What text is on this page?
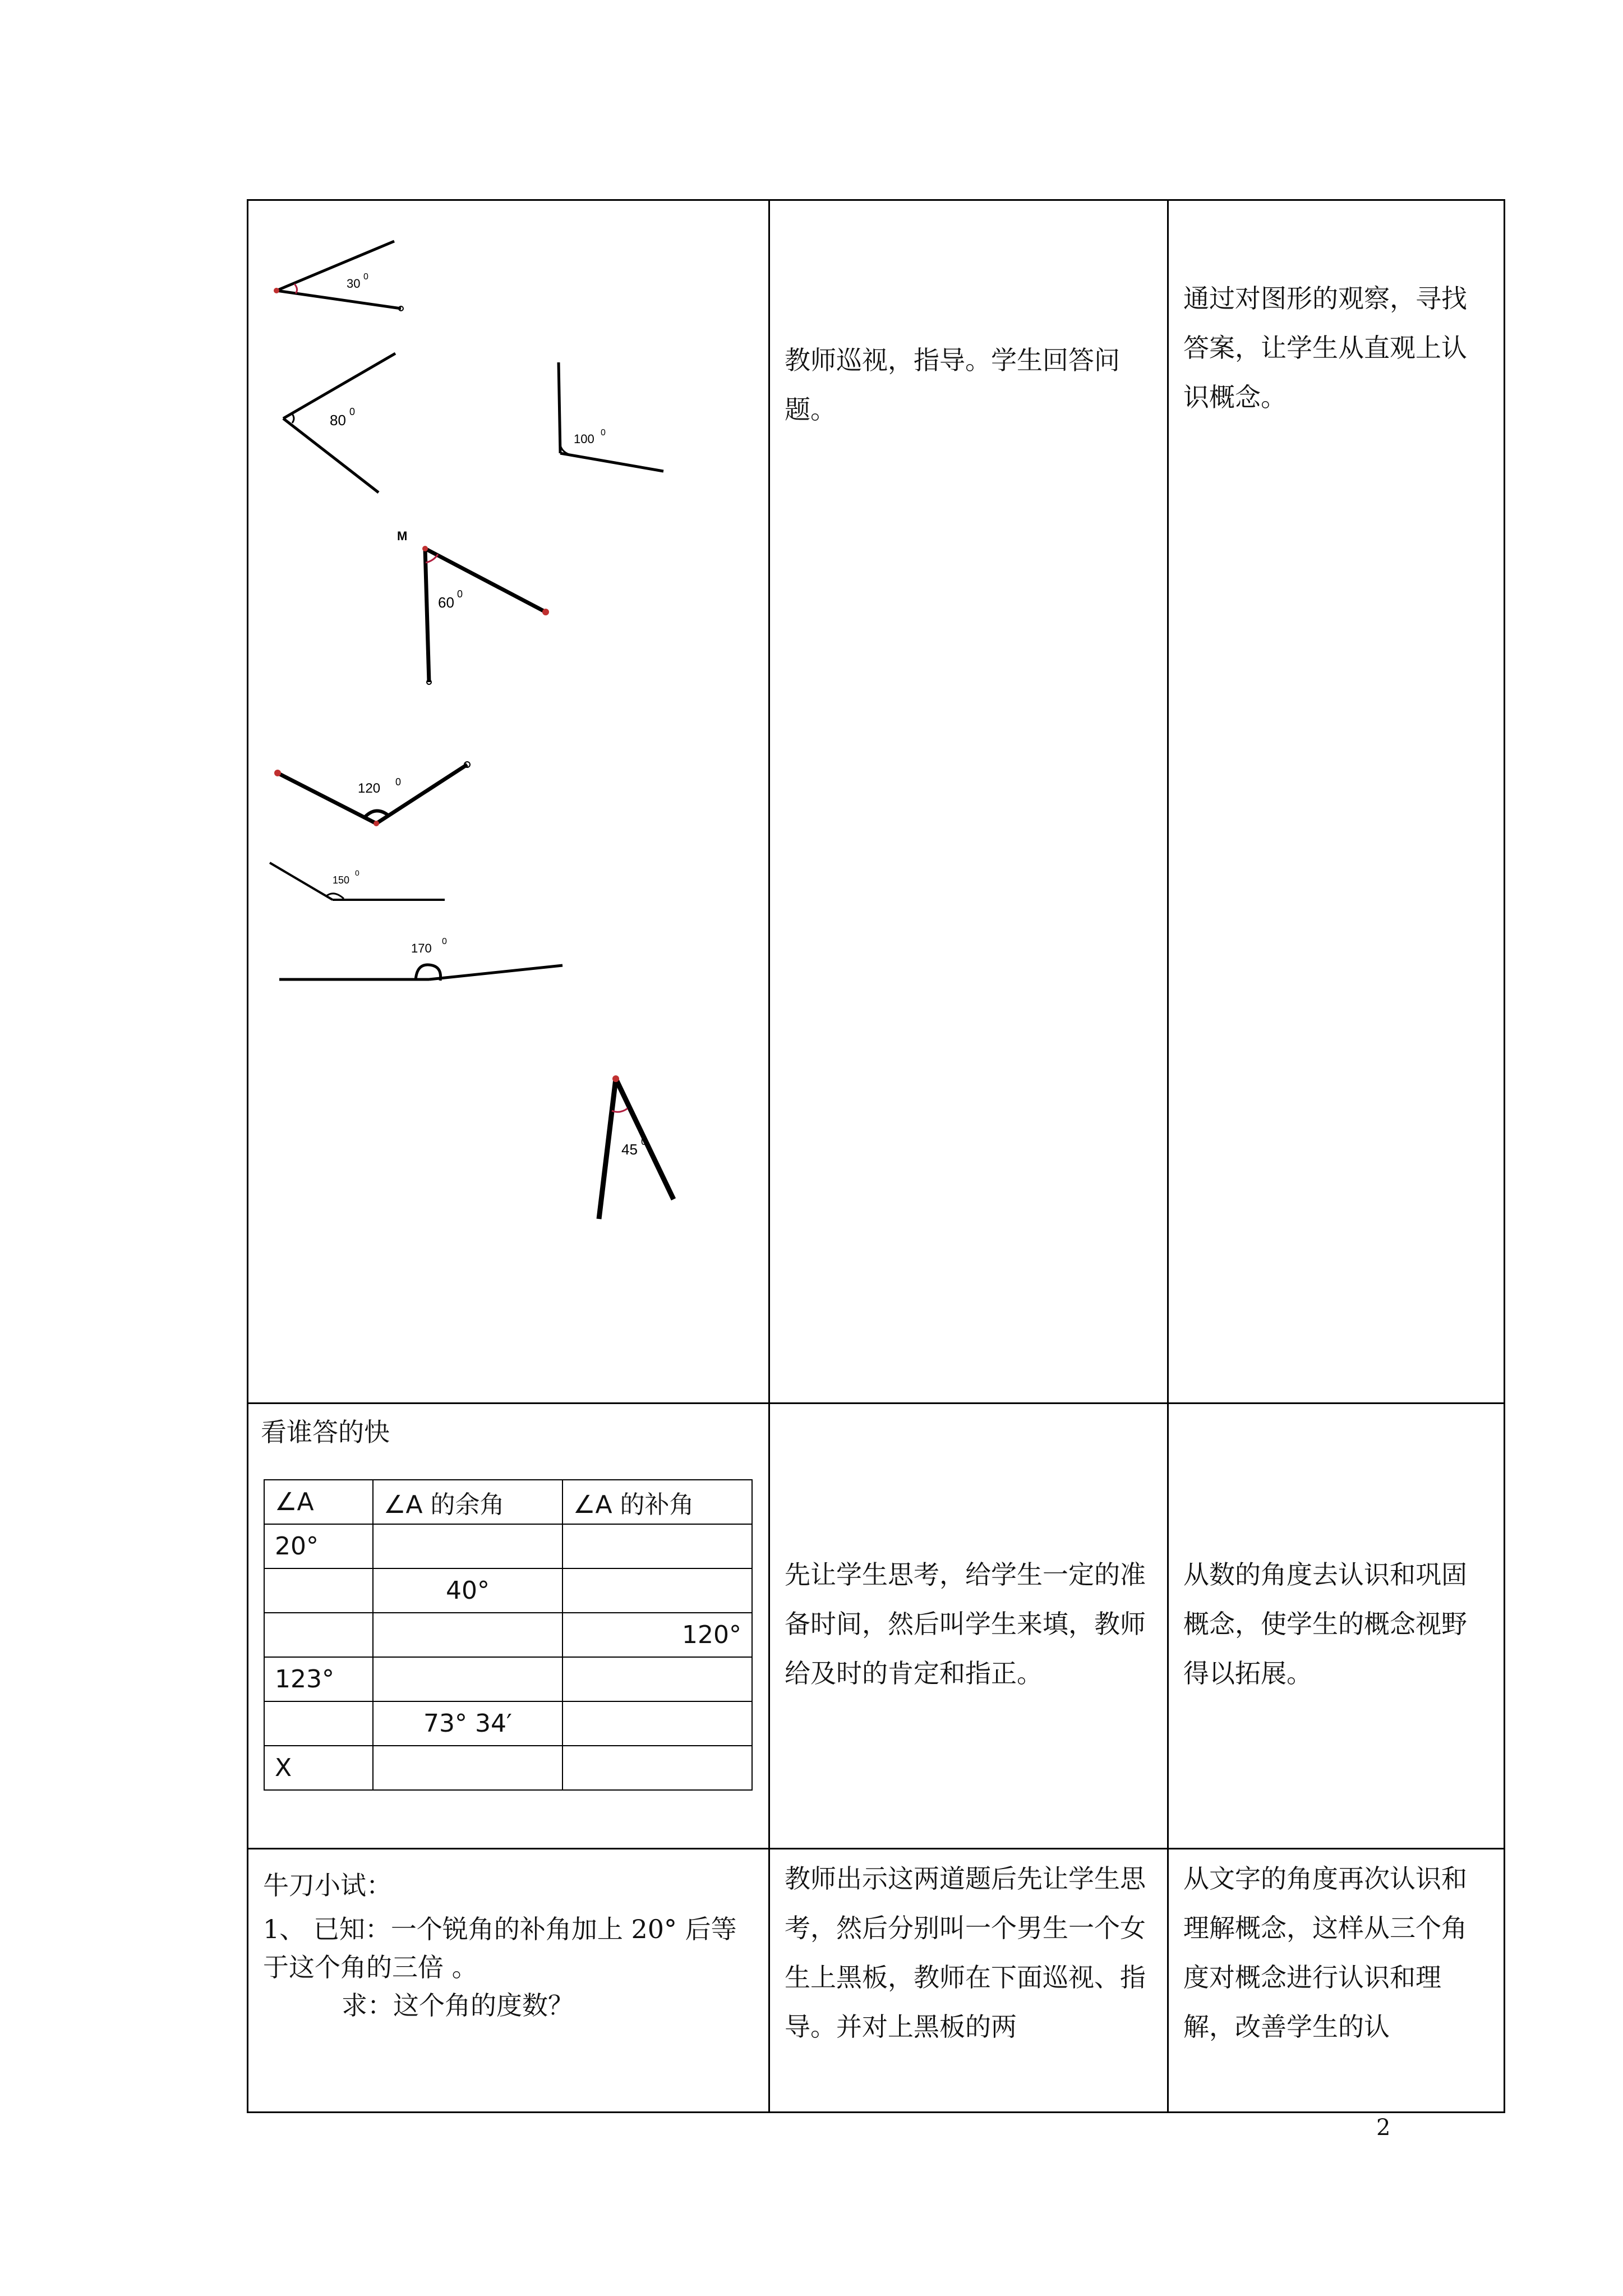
30 0
80 0
100 0
M
60 0
120 0
150
0
170 0
45 0

教师巡视，指导。学生回答问题。

通过对图形的观察，寻找答案，让学生从直观上认识概念。

看谁答的快
∠A	∠A 的余角	∠A 的补角
20°		
	40°	
		120°
123°		
	73° 34′	
X		

先让学生思考，给学生一定的准备时间，然后叫学生来填，教师给及时的肯定和指正。

从数的角度去认识和巩固概念，使学生的概念视野得以拓展。

牛刀小试：
1、 已知：一个锐角的补角加上 20° 后等于这个角的三倍 。
求：这个角的度数？

教师出示这两道题后先让学生思考，然后分别叫一个男生一个女生上黑板，教师在下面巡视、指导。并对上黑板的两

从文字的角度再次认识和理解概念，这样从三个角度对概念进行认识和理解，改善学生的认
2
